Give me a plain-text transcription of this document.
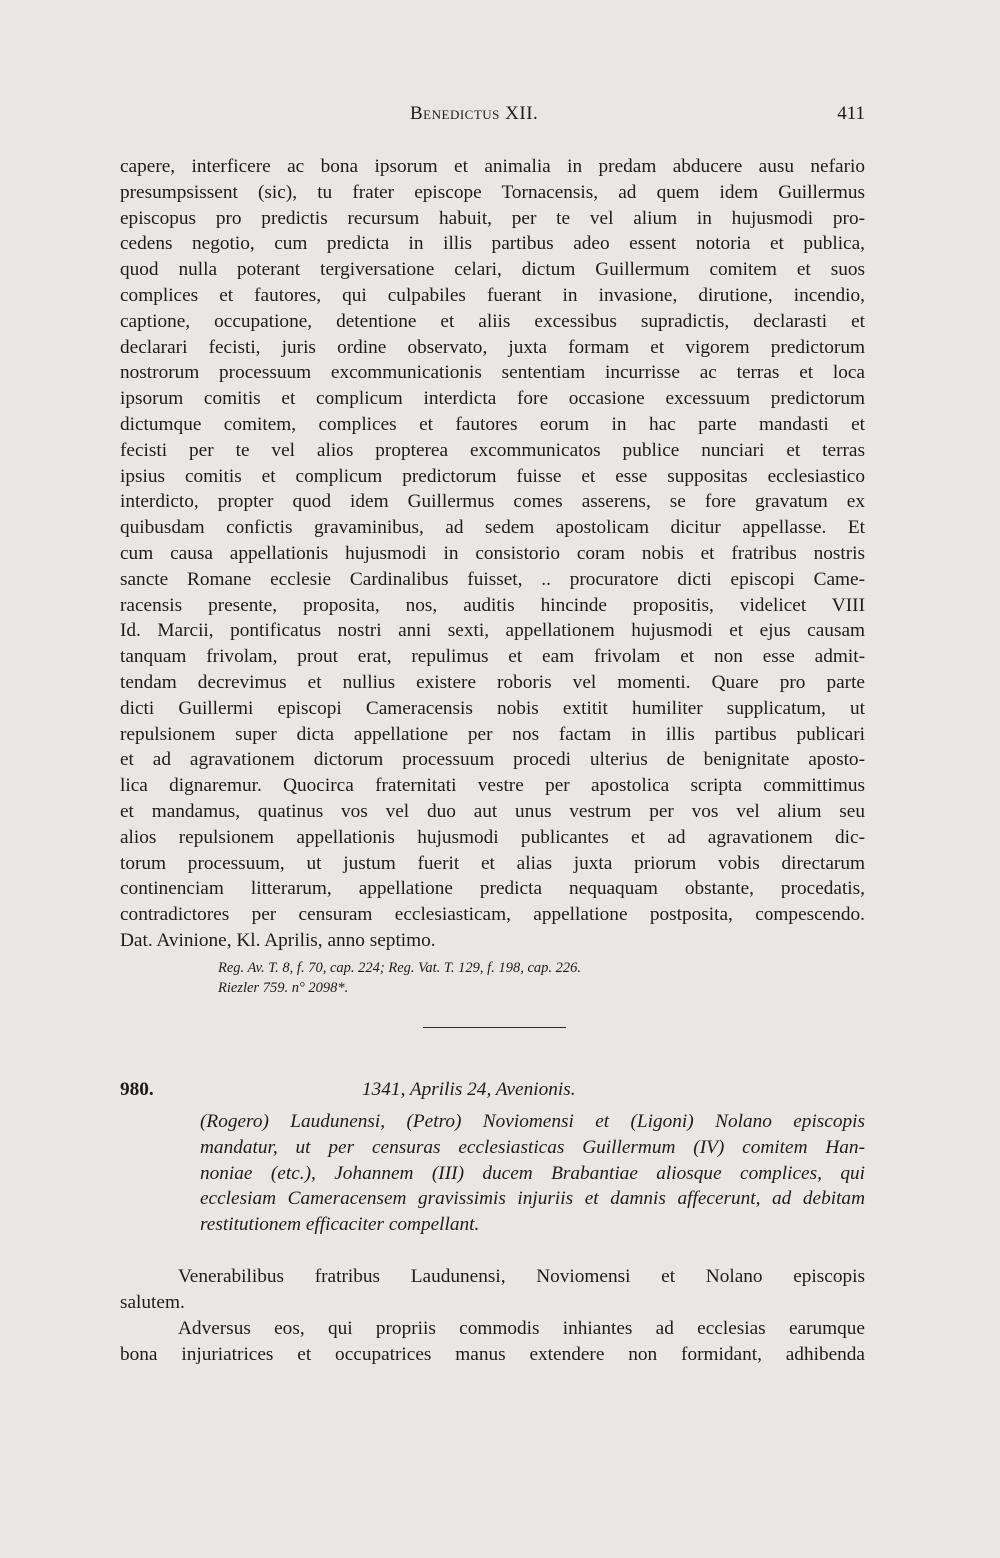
Benedictus XII.	411
capere, interficere ac bona ipsorum et animalia in predam abducere ausu nefario
presumpsissent (sic), tu frater episcope Tornacensis, ad quem idem Guillermus
episcopus pro predictis recursum habuit, per te vel alium in hujusmodi pro-
cedens negotio, cum predicta in illis partibus adeo essent notoria et publica,
quod nulla poterant tergiversatione celari, dictum Guillermum comitem et suos
complices et fautores, qui culpabiles fuerant in invasione, dirutione, incendio,
captione, occupatione, detentione et aliis excessibus supradictis, declarasti et
declarari fecisti, juris ordine observato, juxta formam et vigorem predictorum
nostrorum processuum excommunicationis sententiam incurrisse ac terras et loca
ipsorum comitis et complicum interdicta fore occasione excessuum predictorum
dictumque comitem, complices et fautores eorum in hac parte mandasti et
fecisti per te vel alios propterea excommunicatos publice nunciari et terras
ipsius comitis et complicum predictorum fuisse et esse suppositas ecclesiastico
interdicto, propter quod idem Guillermus comes asserens, se fore gravatum ex
quibusdam confictis gravaminibus, ad sedem apostolicam dicitur appellasse. Et
cum causa appellationis hujusmodi in consistorio coram nobis et fratribus nostris
sancte Romane ecclesie Cardinalibus fuisset, .. procuratore dicti episcopi Came-
racensis presente, proposita, nos, auditis hincinde propositis, videlicet VIII
Id. Marcii, pontificatus nostri anni sexti, appellationem hujusmodi et ejus causam
tanquam frivolam, prout erat, repulimus et eam frivolam et non esse admit-
tendam decrevimus et nullius existere roboris vel momenti. Quare pro parte
dicti Guillermi episcopi Cameracensis nobis extitit humiliter supplicatum, ut
repulsionem super dicta appellatione per nos factam in illis partibus publicari
et ad agravationem dictorum processuum procedi ulterius de benignitate aposto-
lica dignaremur. Quocirca fraternitati vestre per apostolica scripta committimus
et mandamus, quatinus vos vel duo aut unus vestrum per vos vel alium seu
alios repulsionem appellationis hujusmodi publicantes et ad agravationem dic-
torum processuum, ut justum fuerit et alias juxta priorum vobis directarum
continenciam litterarum, appellatione predicta nequaquam obstante, procedatis,
contradictores per censuram ecclesiasticam, appellatione postposita, compescendo.
Dat. Avinione, Kl. Aprilis, anno septimo.
Reg. Av. T. 8, f. 70, cap. 224; Reg. Vat. T. 129, f. 198, cap. 226.
Riezler 759. n° 2098*.
980.	1341, Aprilis 24, Avenionis.
(Rogero) Laudunensi, (Petro) Noviomensi et (Ligoni) Nolano episcopis
mandatur, ut per censuras ecclesiasticas Guillermum (IV) comitem Han-
noniae (etc.), Johannem (III) ducem Brabantiae aliosque complices, qui
ecclesiam Cameracensem gravissimis injuriis et damnis affecerunt, ad debitam
restitutionem efficaciter compellant.
Venerabilibus fratribus Laudunensi, Noviomensi et Nolano episcopis
salutem.
Adversus eos, qui propriis commodis inhiantes ad ecclesias earumque
bona injuriatrices et occupatrices manus extendere non formidant, adhibenda
